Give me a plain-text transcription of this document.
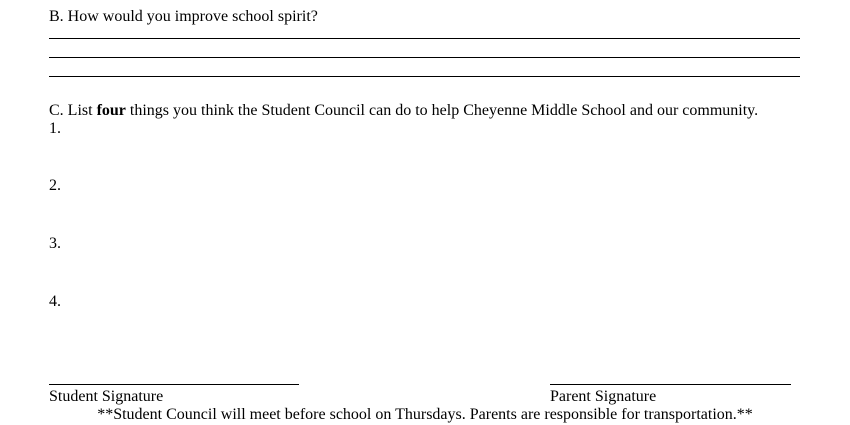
B. How would you improve school spirit?
C. List four things you think the Student Council can do to help Cheyenne Middle School and our community.
1.
2.
3.
4.
Student Signature	Parent Signature
**Student Council will meet before school on Thursdays. Parents are responsible for transportation.**
